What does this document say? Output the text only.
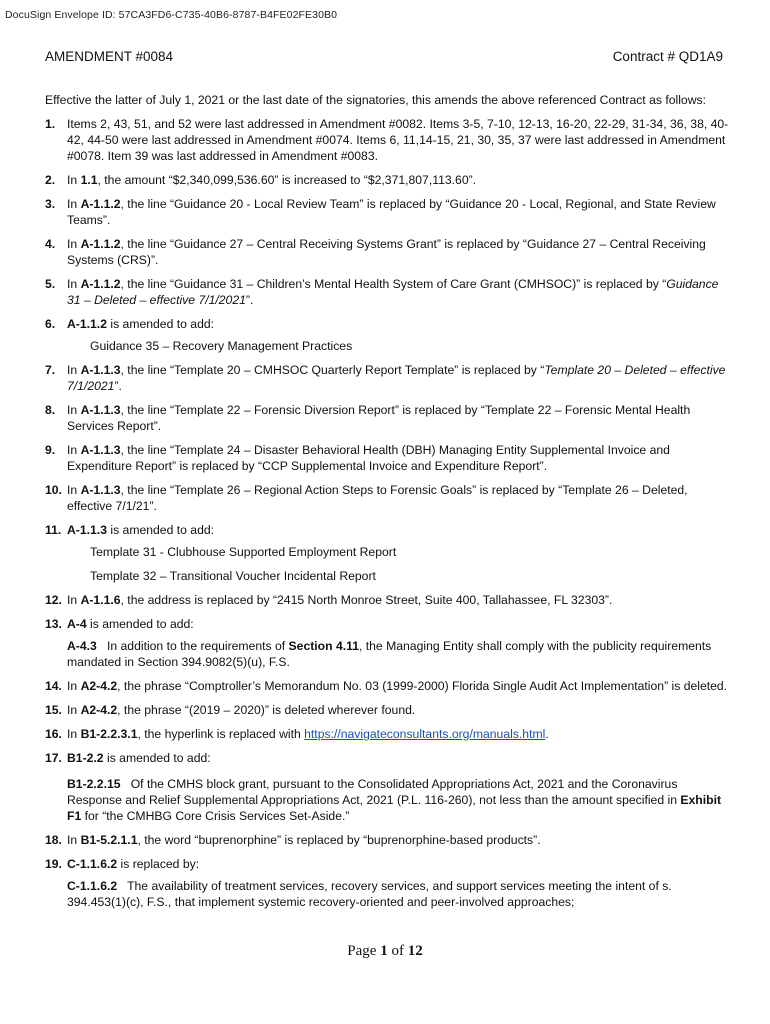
DocuSign Envelope ID: 57CA3FD6-C735-40B6-8787-B4FE02FE30B0
AMENDMENT #0084	Contract # QD1A9
Effective the latter of July 1, 2021 or the last date of the signatories, this amends the above referenced Contract as follows:
1. Items 2, 43, 51, and 52 were last addressed in Amendment #0082. Items 3-5, 7-10, 12-13, 16-20, 22-29, 31-34, 36, 38, 40-42, 44-50 were last addressed in Amendment #0074. Items 6, 11,14-15, 21, 30, 35, 37 were last addressed in Amendment #0078. Item 39 was last addressed in Amendment #0083.
2. In 1.1, the amount “$2,340,099,536.60” is increased to “$2,371,807,113.60”.
3. In A-1.1.2, the line “Guidance 20 - Local Review Team” is replaced by “Guidance 20 - Local, Regional, and State Review Teams”.
4. In A-1.1.2, the line “Guidance 27 – Central Receiving Systems Grant” is replaced by “Guidance 27 – Central Receiving Systems (CRS)”.
5. In A-1.1.2, the line “Guidance 31 – Children’s Mental Health System of Care Grant (CMHSOC)” is replaced by “Guidance 31 – Deleted – effective 7/1/2021”.
6. A-1.1.2 is amended to add:

Guidance 35 – Recovery Management Practices

7. In A-1.1.3, the line “Template 20 – CMHSOC Quarterly Report Template” is replaced by “Template 20 – Deleted – effective 7/1/2021”.
8. In A-1.1.3, the line “Template 22 – Forensic Diversion Report” is replaced by “Template 22 – Forensic Mental Health Services Report”.
9. In A-1.1.3, the line “Template 24 – Disaster Behavioral Health (DBH) Managing Entity Supplemental Invoice and Expenditure Report” is replaced by “CCP Supplemental Invoice and Expenditure Report”.
10. In A-1.1.3, the line “Template 26 – Regional Action Steps to Forensic Goals” is replaced by “Template 26 – Deleted, effective 7/1/21”.
11. A-1.1.3 is amended to add:

Template 31 - Clubhouse Supported Employment Report

Template 32 – Transitional Voucher Incidental Report

12. In A-1.1.6, the address is replaced by “2415 North Monroe Street, Suite 400, Tallahassee, FL 32303”.
13. A-4 is amended to add:
A-4.3   In addition to the requirements of Section 4.11, the Managing Entity shall comply with the publicity requirements mandated in Section 394.9082(5)(u), F.S.
14. In A2-4.2, the phrase “Comptroller’s Memorandum No. 03 (1999-2000) Florida Single Audit Act Implementation” is deleted.
15. In A2-4.2, the phrase “(2019 – 2020)” is deleted wherever found.
16. In B1-2.2.3.1, the hyperlink is replaced with https://navigateconsultants.org/manuals.html.
17. B1-2.2 is amended to add:
B1-2.2.15   Of the CMHS block grant, pursuant to the Consolidated Appropriations Act, 2021 and the Coronavirus Response and Relief Supplemental Appropriations Act, 2021 (P.L. 116-260), not less than the amount specified in Exhibit F1 for “the CMHBG Core Crisis Services Set-Aside.”
18. In B1-5.2.1.1, the word “buprenorphine” is replaced by “buprenorphine-based products”.
19. C-1.1.6.2 is replaced by:
C-1.1.6.2   The availability of treatment services, recovery services, and support services meeting the intent of s. 394.453(1)(c), F.S., that implement systemic recovery-oriented and peer-involved approaches;
Page 1 of 12
